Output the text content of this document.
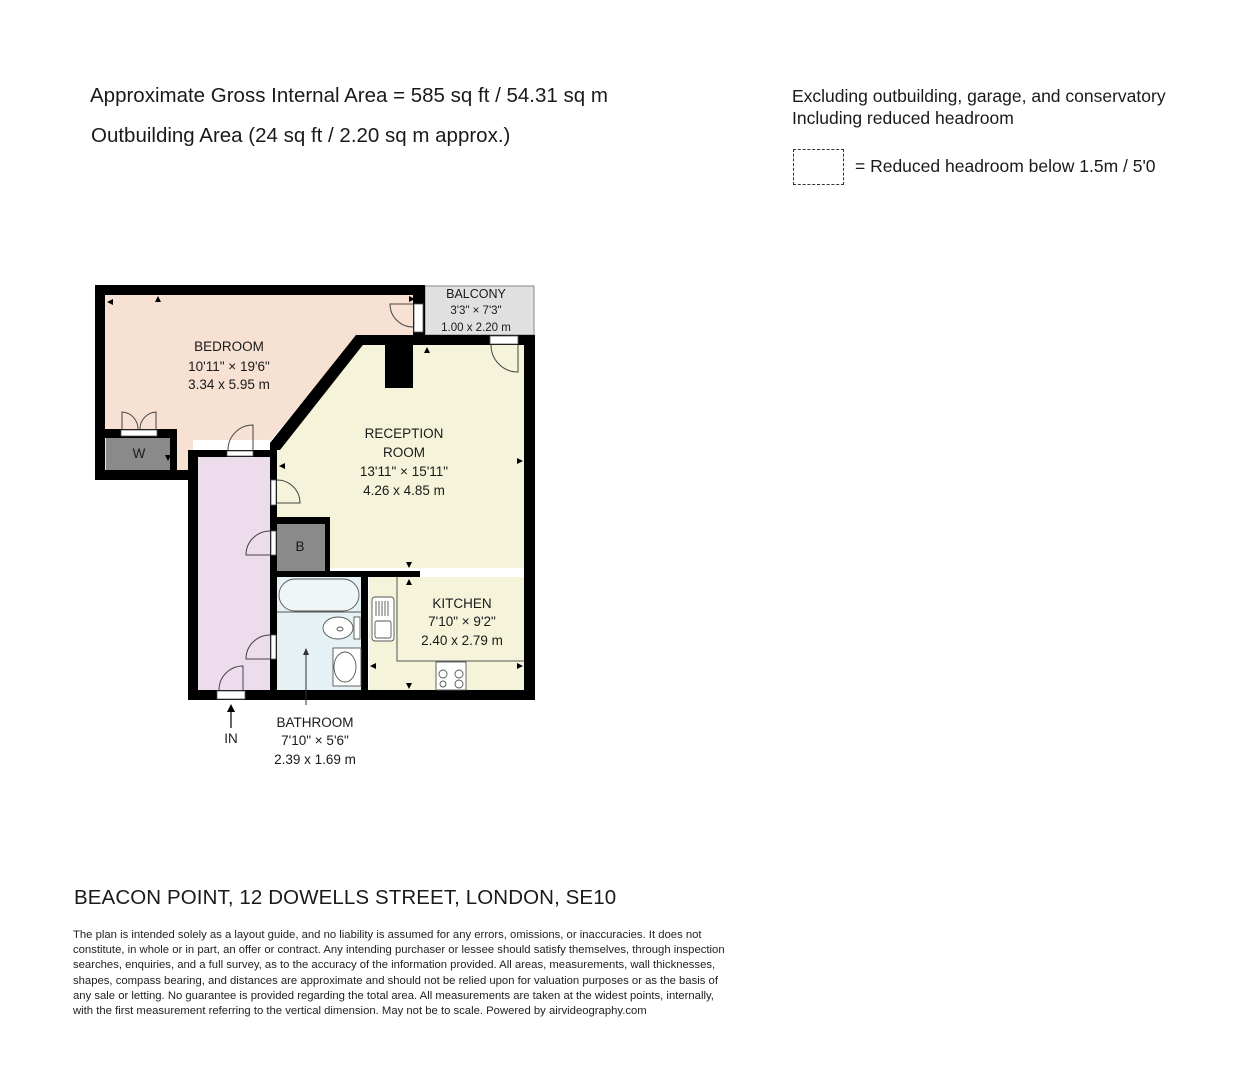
Approximate Gross Internal Area = 585 sq ft / 54.31 sq m
Outbuilding Area (24 sq ft / 2.20 sq m approx.)
Excluding outbuilding, garage, and conservatory
Including reduced headroom
= Reduced headroom below 1.5m / 5'0
BEDROOM
10'11" × 19'6"
3.34 x 5.95 m
BALCONY
3'3" × 7'3"
1.00 x 2.20 m
RECEPTION
ROOM
13'11" × 15'11"
4.26 x 4.85 m
KITCHEN
7'10" × 9'2"
2.40 x 2.79 m
BATHROOM
7'10" × 5'6"
2.39 x 1.69 m
W
B
IN
BEACON POINT, 12 DOWELLS STREET, LONDON, SE10
The plan is intended solely as a layout guide, and no liability is assumed for any errors, omissions, or inaccuracies. It does not
constitute, in whole or in part, an offer or contract. Any intending purchaser or lessee should satisfy themselves, through inspection
searches, enquiries, and a full survey, as to the accuracy of the information provided. All areas, measurements, wall thicknesses,
shapes, compass bearing, and distances are approximate and should not be relied upon for valuation purposes or as the basis of
any sale or letting. No guarantee is provided regarding the total area. All measurements are taken at the widest points, internally,
with the first measurement referring to the vertical dimension. May not be to scale. Powered by airvideography.com
